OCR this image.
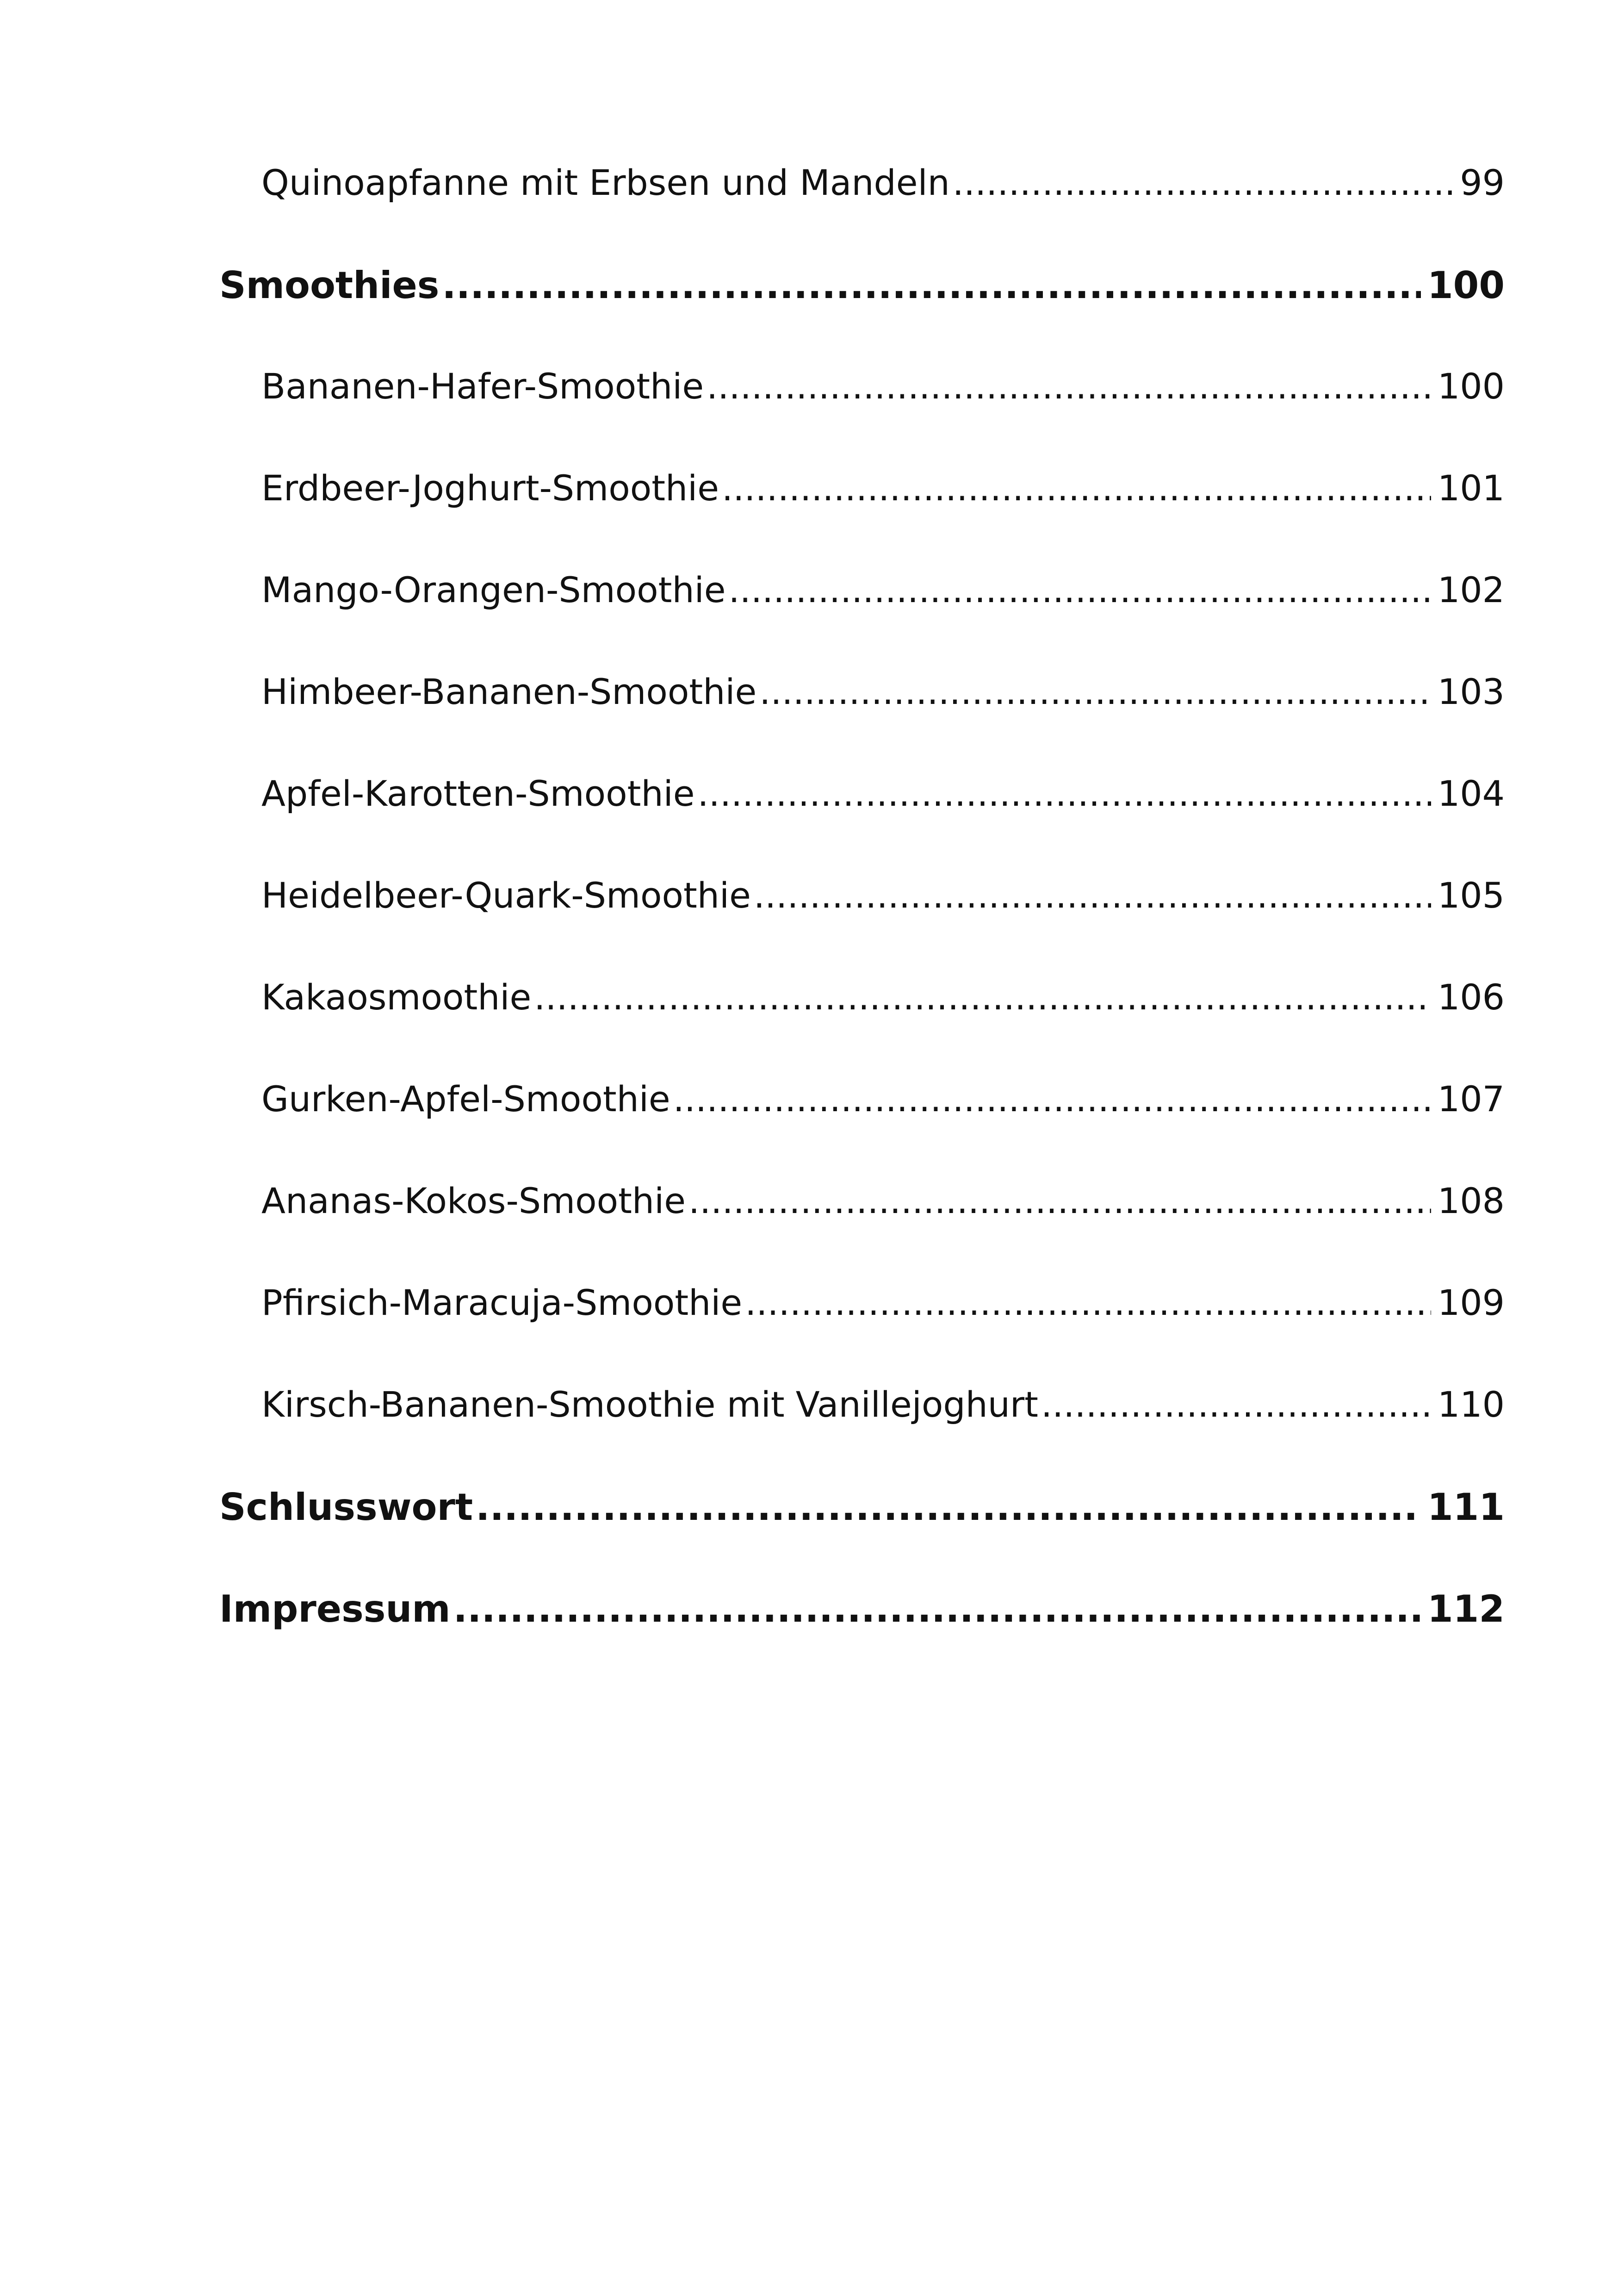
Quinoapfanne mit Erbsen und Mandeln .....	99
Smoothies .....	100
Bananen-Hafer-Smoothie .....	100
Erdbeer-Joghurt-Smoothie .....	101
Mango-Orangen-Smoothie .....	102
Himbeer-Bananen-Smoothie .....	103
Apfel-Karotten-Smoothie .....	104
Heidelbeer-Quark-Smoothie .....	105
Kakaosmoothie .....	106
Gurken-Apfel-Smoothie .....	107
Ananas-Kokos-Smoothie .....	108
Pfirsich-Maracuja-Smoothie .....	109
Kirsch-Bananen-Smoothie mit Vanillejoghurt .....	110
Schlusswort .....	111
Impressum .....	112
